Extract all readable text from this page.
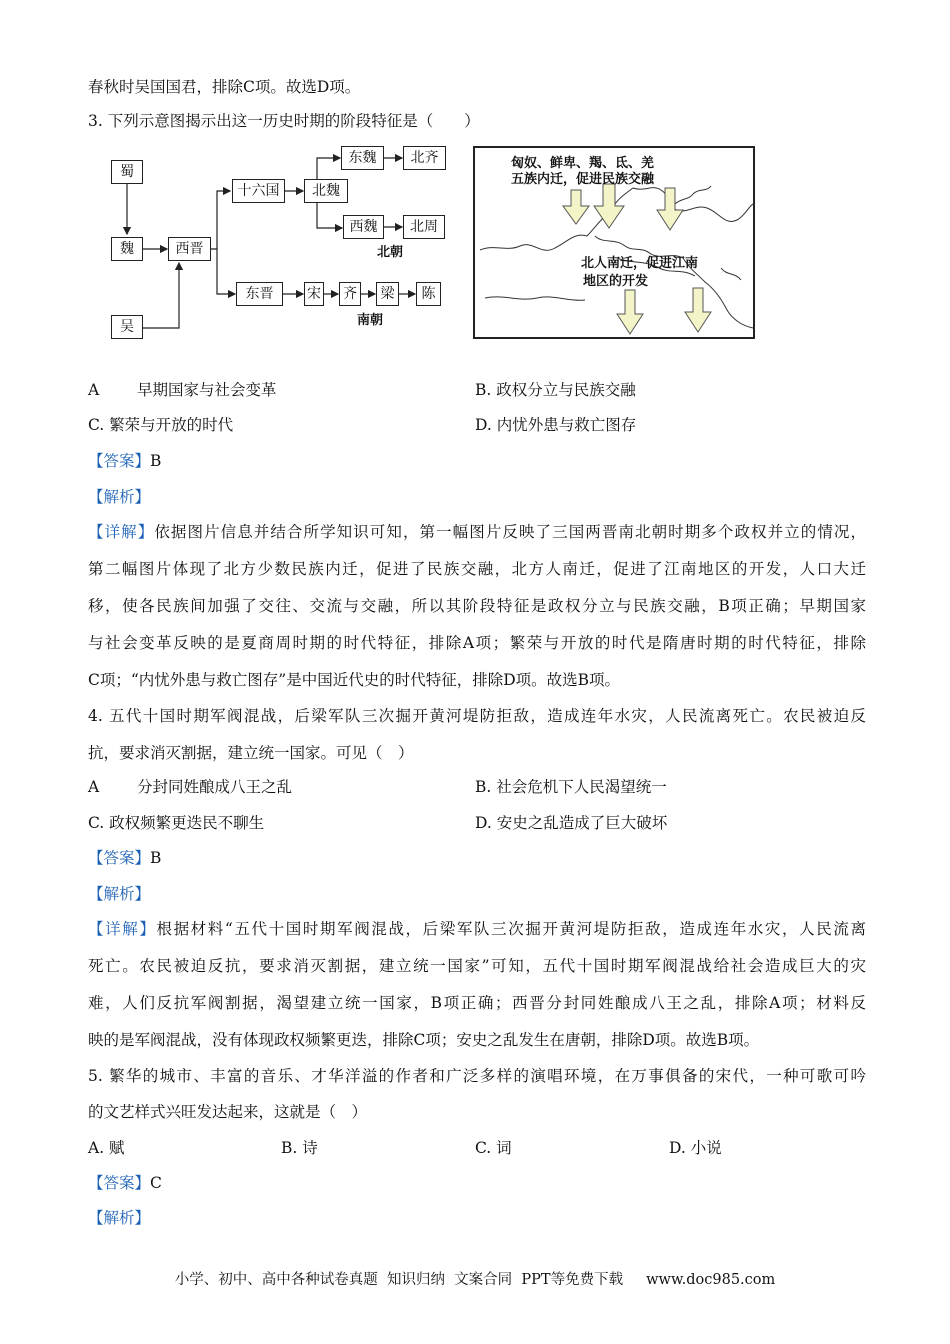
春秋时吴国国君，排除C项。故选D项。
3. 下列示意图揭示出这一历史时期的阶段特征是（　　）
蜀
魏
吴
西晋
十六国	北魏
东魏	北齐
西魏	北周
北朝
东晋	宋 齐	梁	陈
南朝
匈奴、鲜卑、羯、氐、羌
五族内迁，促进民族交融
北人南迁，促进江南
地区的开发
A 早期国家与社会变革	B. 政权分立与民族交融
C. 繁荣与开放的时代	D. 内忧外患与救亡图存
【答案】B
【解析】
【详解】依据图片信息并结合所学知识可知，第一幅图片反映了三国两晋南北朝时期多个政权并立的情况，
第二幅图片体现了北方少数民族内迁，促进了民族交融，北方人南迁，促进了江南地区的开发，人口大迁
移，使各民族间加强了交往、交流与交融，所以其阶段特征是政权分立与民族交融，B项正确；早期国家
与社会变革反映的是夏商周时期的时代特征，排除A项；繁荣与开放的时代是隋唐时期的时代特征，排除
C项；“内忧外患与救亡图存”是中国近代史的时代特征，排除D项。故选B项。
4. 五代十国时期军阀混战，后梁军队三次掘开黄河堤防拒敌，造成连年水灾，人民流离死亡。农民被迫反
抗，要求消灭割据，建立统一国家。可见（　）
A 分封同姓酿成八王之乱	B. 社会危机下人民渴望统一
C. 政权频繁更迭民不聊生	D. 安史之乱造成了巨大破坏
【答案】B
【解析】
【详解】根据材料“五代十国时期军阀混战，后梁军队三次掘开黄河堤防拒敌，造成连年水灾，人民流离
死亡。农民被迫反抗，要求消灭割据，建立统一国家”可知，五代十国时期军阀混战给社会造成巨大的灾
难，人们反抗军阀割据，渴望建立统一国家，B项正确；西晋分封同姓酿成八王之乱，排除A项；材料反
映的是军阀混战，没有体现政权频繁更迭，排除C项；安史之乱发生在唐朝，排除D项。故选B项。
5. 繁华的城市、丰富的音乐、才华洋溢的作者和广泛多样的演唱环境，在万事俱备的宋代，一种可歌可吟
的文艺样式兴旺发达起来，这就是（　）
A. 赋	B. 诗	C. 词	D. 小说
【答案】C
【解析】
小学、初中、高中各种试卷真题  知识归纳  文案合同  PPT等免费下载 www.doc985.com
